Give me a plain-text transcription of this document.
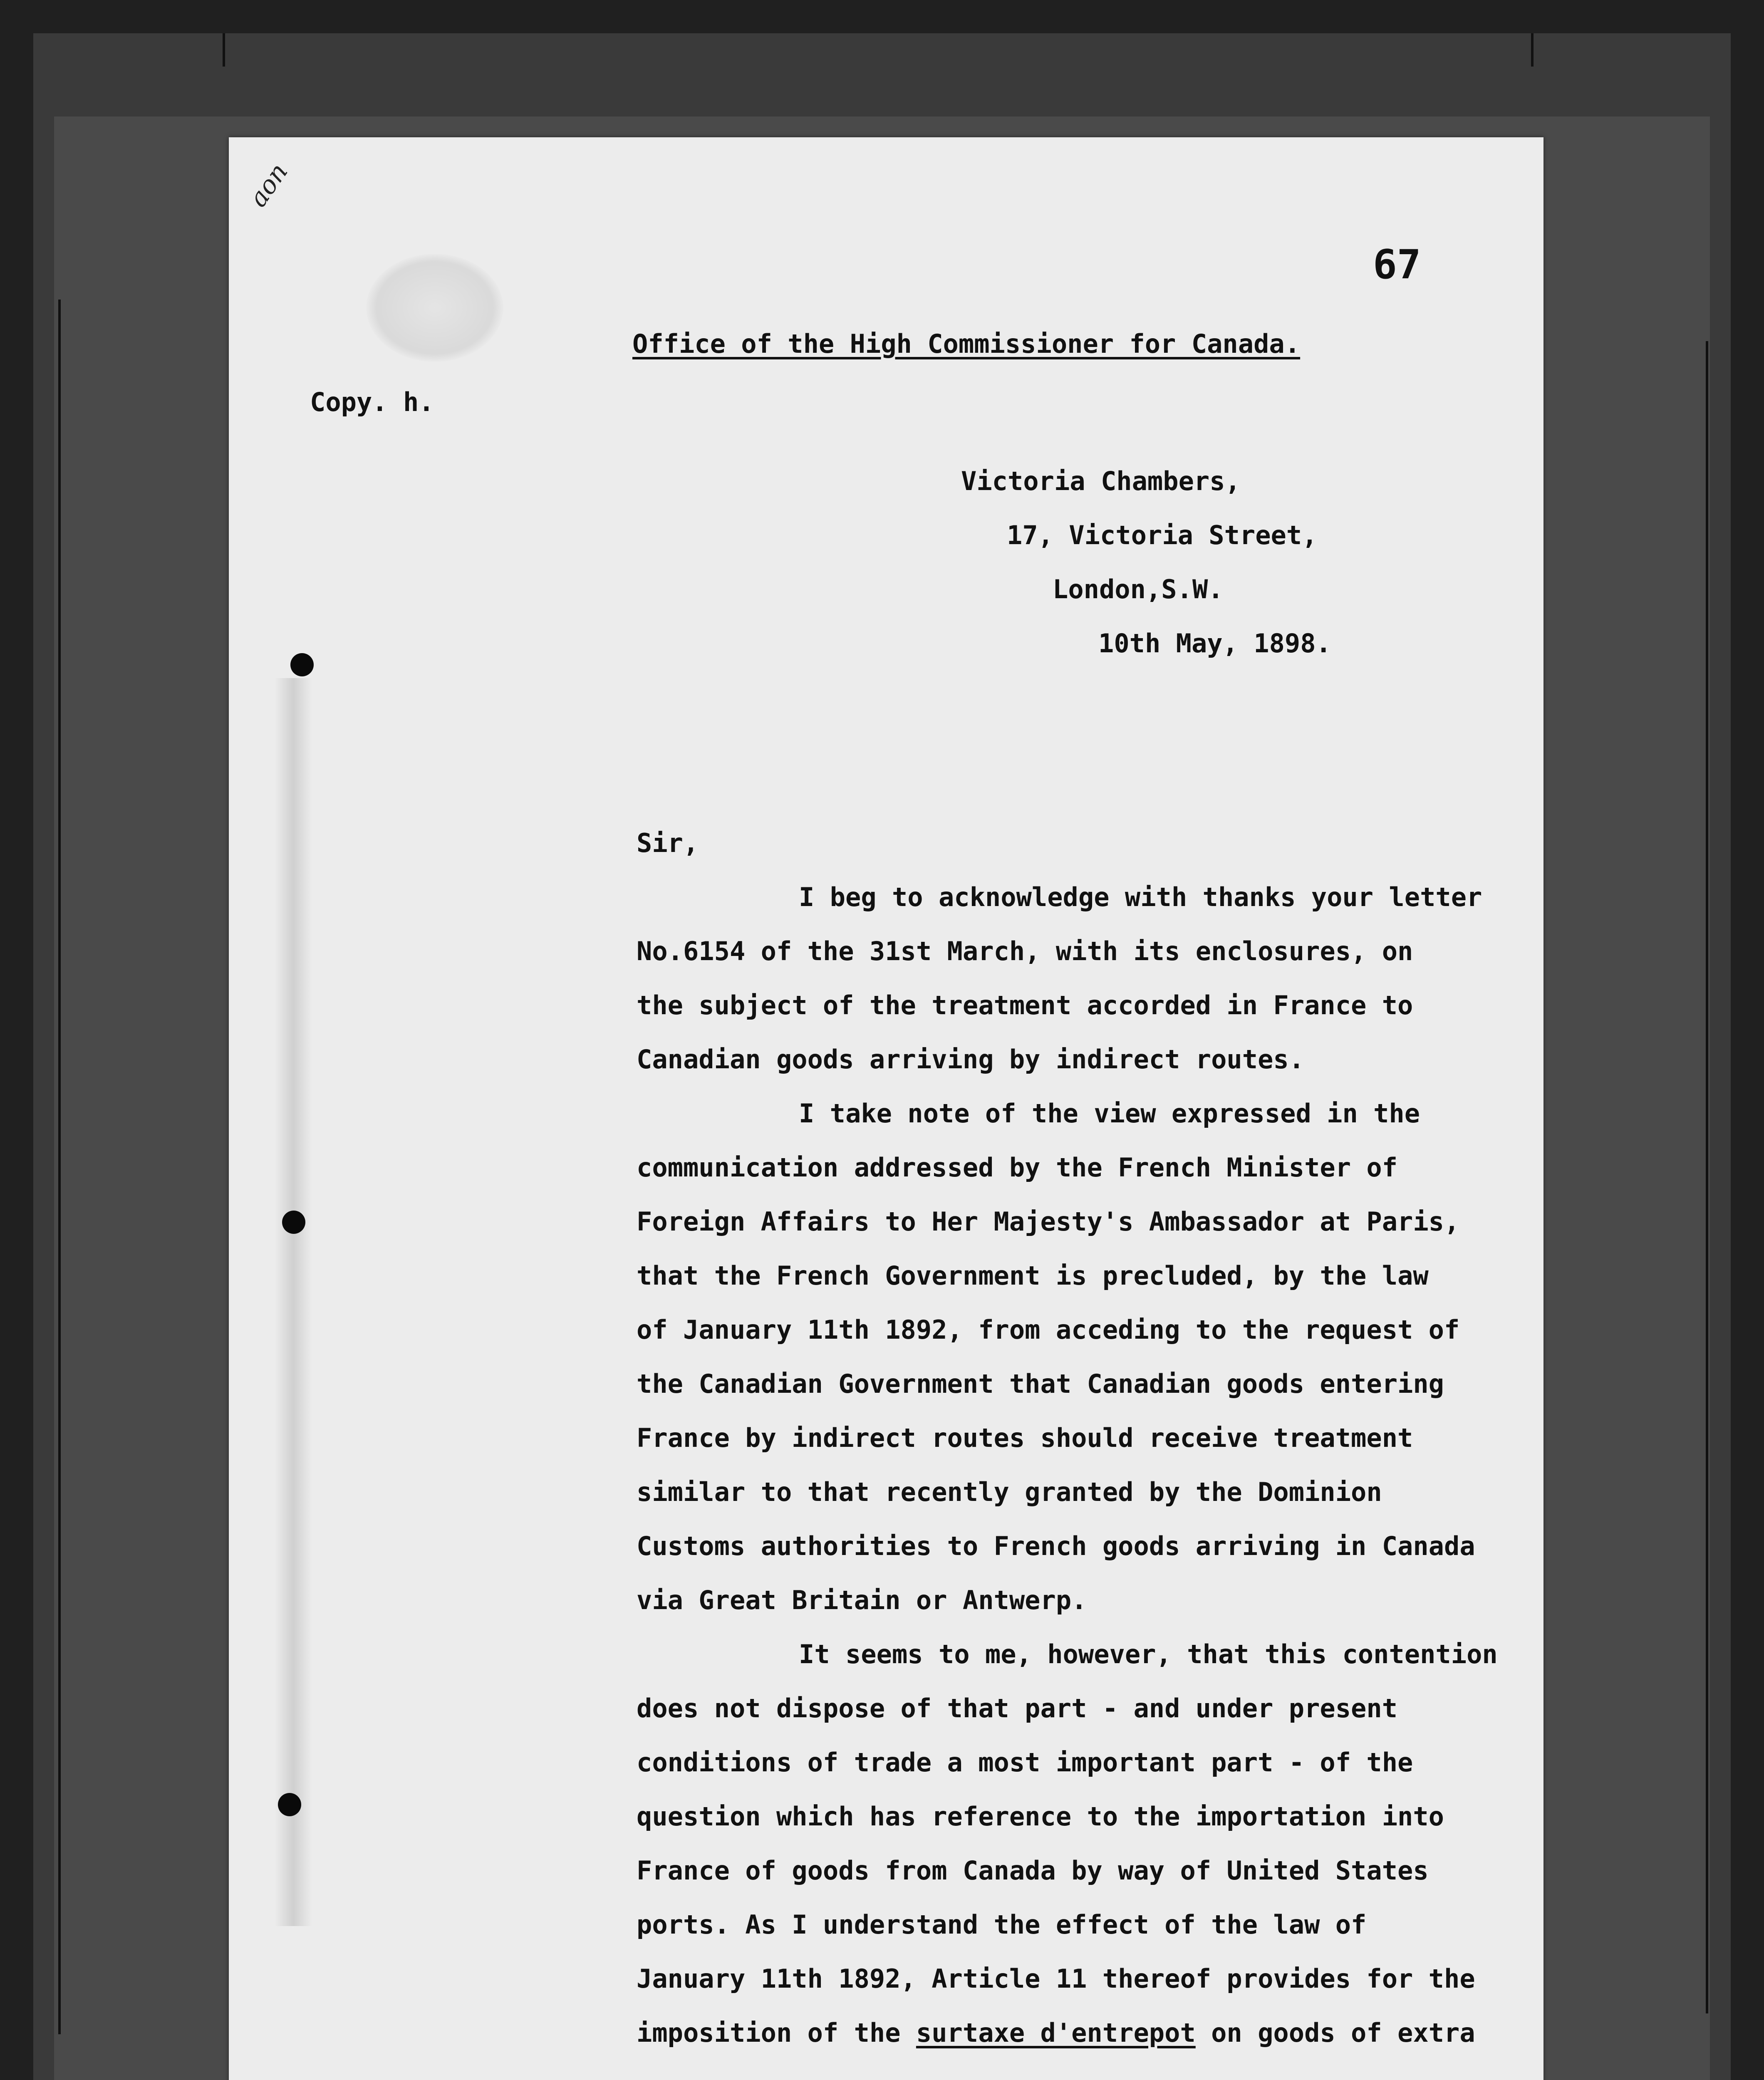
aon
67
Office of the High Commissioner for Canada.
Copy. h.
Victoria Chambers,
17, Victoria Street,
London,S.W.
10th May, 1898.
Sir,
I beg to acknowledge with thanks your letter
No.6154 of the 31st March, with its enclosures, on
the subject of the treatment accorded in France to
Canadian goods arriving by indirect routes.
I take note of the view expressed in the
communication addressed by the French Minister of
Foreign Affairs to Her Majesty's Ambassador at Paris,
that the French Government is precluded, by the law
of January 11th 1892, from acceding to the request of
the Canadian Government that Canadian goods entering
France by indirect routes should receive treatment
similar to that recently granted by the Dominion
Customs authorities to French goods arriving in Canada
via Great Britain or Antwerp.
It seems to me, however, that this contention
does not dispose of that part - and under present
conditions of trade a most important part - of the
question which has reference to the importation into
France of goods from Canada by way of United States
ports. As I understand the effect of the law of
January 11th 1892, Article 11 thereof provides for the
imposition of the surtaxe d'entrepot on goods of extra
